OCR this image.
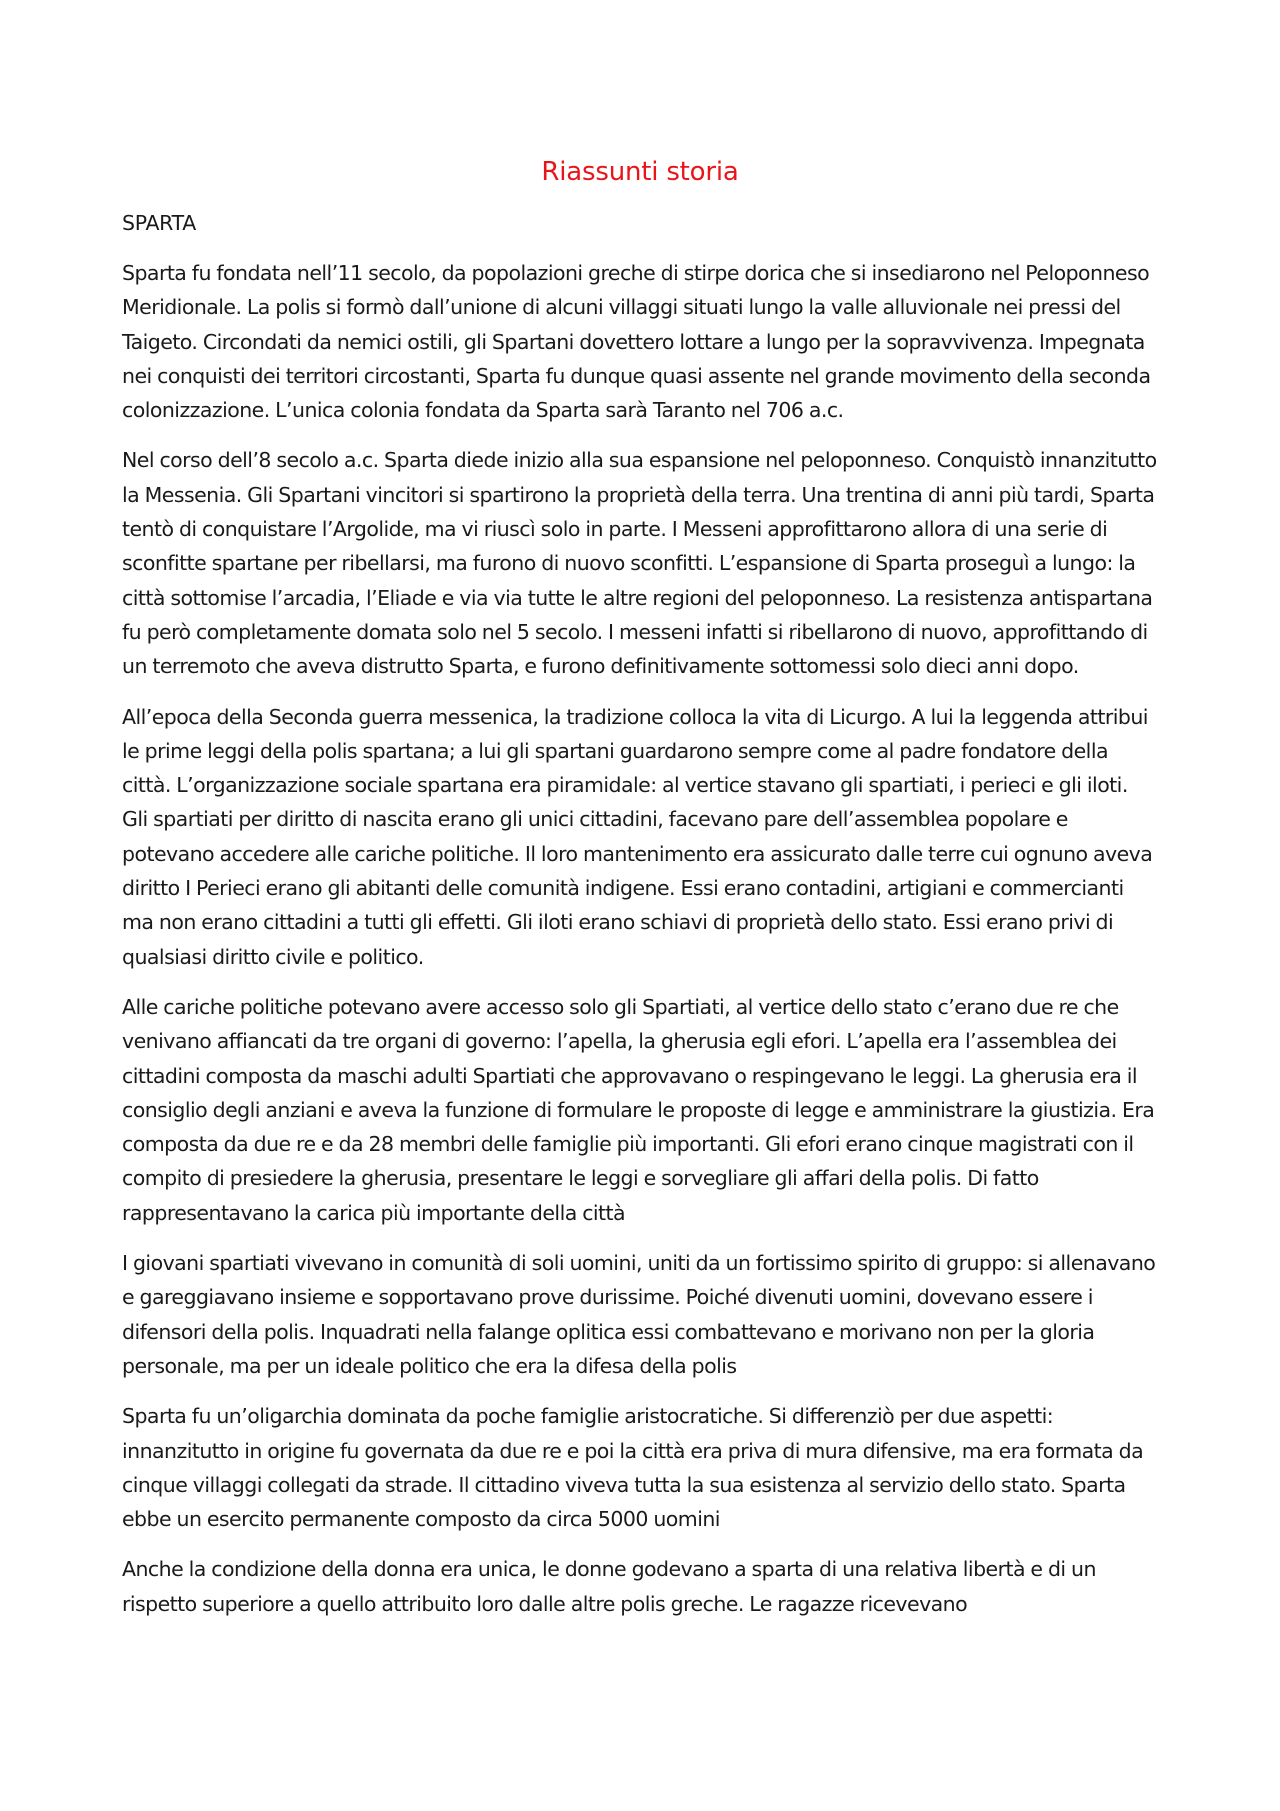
Riassunti storia
SPARTA

Sparta fu fondata nell’11 secolo, da popolazioni greche di stirpe dorica che si insediarono nel Peloponneso Meridionale. La polis si formò dall’unione di alcuni villaggi situati lungo la valle alluvionale nei pressi del Taigeto. Circondati da nemici ostili, gli Spartani dovettero lottare a lungo per la sopravvivenza. Impegnata nei conquisti dei territori circostanti, Sparta fu dunque quasi assente nel grande movimento della seconda colonizzazione. L’unica colonia fondata da Sparta sarà Taranto nel 706 a.c.

Nel corso dell’8 secolo a.c. Sparta diede inizio alla sua espansione nel peloponneso. Conquistò innanzitutto la Messenia. Gli Spartani vincitori si spartirono la proprietà della terra. Una trentina di anni più tardi, Sparta tentò di conquistare l’Argolide, ma vi riuscì solo in parte. I Messeni approfittarono allora di una serie di sconfitte spartane per ribellarsi, ma furono di nuovo sconfitti. L’espansione di Sparta proseguì a lungo: la città sottomise l’arcadia, l’Eliade e via via tutte le altre regioni del peloponneso. La resistenza antispartana fu però completamente domata solo nel 5 secolo. I messeni infatti si ribellarono di nuovo, approfittando di un terremoto che aveva distrutto Sparta, e furono definitivamente sottomessi solo dieci anni dopo.

All’epoca della Seconda guerra messenica, la tradizione colloca la vita di Licurgo. A lui la leggenda attribui le prime leggi della polis spartana; a lui gli spartani guardarono sempre come al padre fondatore della città. L’organizzazione sociale spartana era piramidale: al vertice stavano gli spartiati, i perieci e gli iloti. Gli spartiati per diritto di nascita erano gli unici cittadini, facevano pare dell’assemblea popolare e potevano accedere alle cariche politiche. Il loro mantenimento era assicurato dalle terre cui ognuno aveva diritto I Perieci erano gli abitanti delle comunità indigene. Essi erano contadini, artigiani e commercianti ma non erano cittadini a tutti gli effetti. Gli iloti erano schiavi di proprietà dello stato. Essi erano privi di qualsiasi diritto civile e politico.

Alle cariche politiche potevano avere accesso solo gli Spartiati, al vertice dello stato c’erano due re che venivano affiancati da tre organi di governo: l’apella, la gherusia egli efori. L’apella era l’assemblea dei cittadini composta da maschi adulti Spartiati che approvavano o respingevano le leggi. La gherusia era il consiglio degli anziani e aveva la funzione di formulare le proposte di legge e amministrare la giustizia. Era composta da due re e da 28 membri delle famiglie più importanti. Gli efori erano cinque magistrati con il compito di presiedere la gherusia, presentare le leggi e sorvegliare gli affari della polis. Di fatto rappresentavano la carica più importante della città

I giovani spartiati vivevano in comunità di soli uomini, uniti da un fortissimo spirito di gruppo: si allenavano e gareggiavano insieme e sopportavano prove durissime. Poiché divenuti uomini, dovevano essere i difensori della polis. Inquadrati nella falange oplitica essi combattevano e morivano non per la gloria personale, ma per un ideale politico che era la difesa della polis

Sparta fu un’oligarchia dominata da poche famiglie aristocratiche. Si differenziò per due aspetti: innanzitutto in origine fu governata da due re e poi la città era priva di mura difensive, ma era formata da cinque villaggi collegati da strade. Il cittadino viveva tutta la sua esistenza al servizio dello stato. Sparta ebbe un esercito permanente composto da circa 5000 uomini

Anche la condizione della donna era unica, le donne godevano a sparta di una relativa libertà e di un rispetto superiore a quello attribuito loro dalle altre polis greche. Le ragazze ricevevano
